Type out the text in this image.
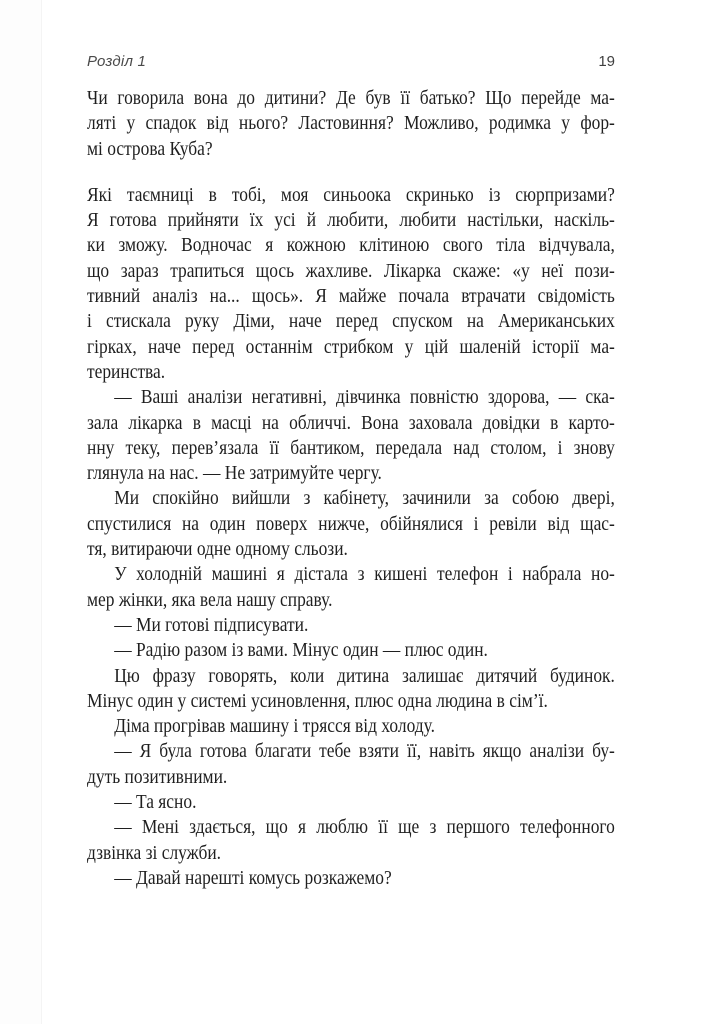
Розділ 1	19
Чи говорила вона до дитини? Де був її батько? Що перейде ма-
ляті у спадок від нього? Ластовиння? Можливо, родимка у фор-
мі острова Куба?
Які таємниці в тобі, моя синьоока скринько із сюрпризами?
Я готова прийняти їх усі й любити, любити настільки, наскіль-
ки зможу. Водночас я кожною клітиною свого тіла відчувала,
що зараз трапиться щось жахливе. Лікарка скаже: «у неї пози-
тивний аналіз на... щось». Я майже почала втрачати свідомість
і стискала руку Діми, наче перед спуском на Американських
гірках, наче перед останнім стрибком у цій шаленій історії ма-
теринства.
— Ваші аналізи негативні, дівчинка повністю здорова, — ска-
зала лікарка в масці на обличчі. Вона заховала довідки в карто-
нну теку, перев’язала її бантиком, передала над столом, і знову
глянула на нас. — Не затримуйте чергу.
Ми спокійно вийшли з кабінету, зачинили за собою двері,
спустилися на один поверх нижче, обійнялися і ревіли від щас-
тя, витираючи одне одному сльози.
У холодній машині я дістала з кишені телефон і набрала но-
мер жінки, яка вела нашу справу.
— Ми готові підписувати.
— Радію разом із вами. Мінус один — плюс один.
Цю фразу говорять, коли дитина залишає дитячий будинок.
Мінус один у системі усиновлення, плюс одна людина в сім’ї.
Діма прогрівав машину і трясся від холоду.
— Я була готова благати тебе взяти її, навіть якщо аналізи бу-
дуть позитивними.
— Та ясно.
— Мені здається, що я люблю її ще з першого телефонного
дзвінка зі служби.
— Давай нарешті комусь розкажемо?
